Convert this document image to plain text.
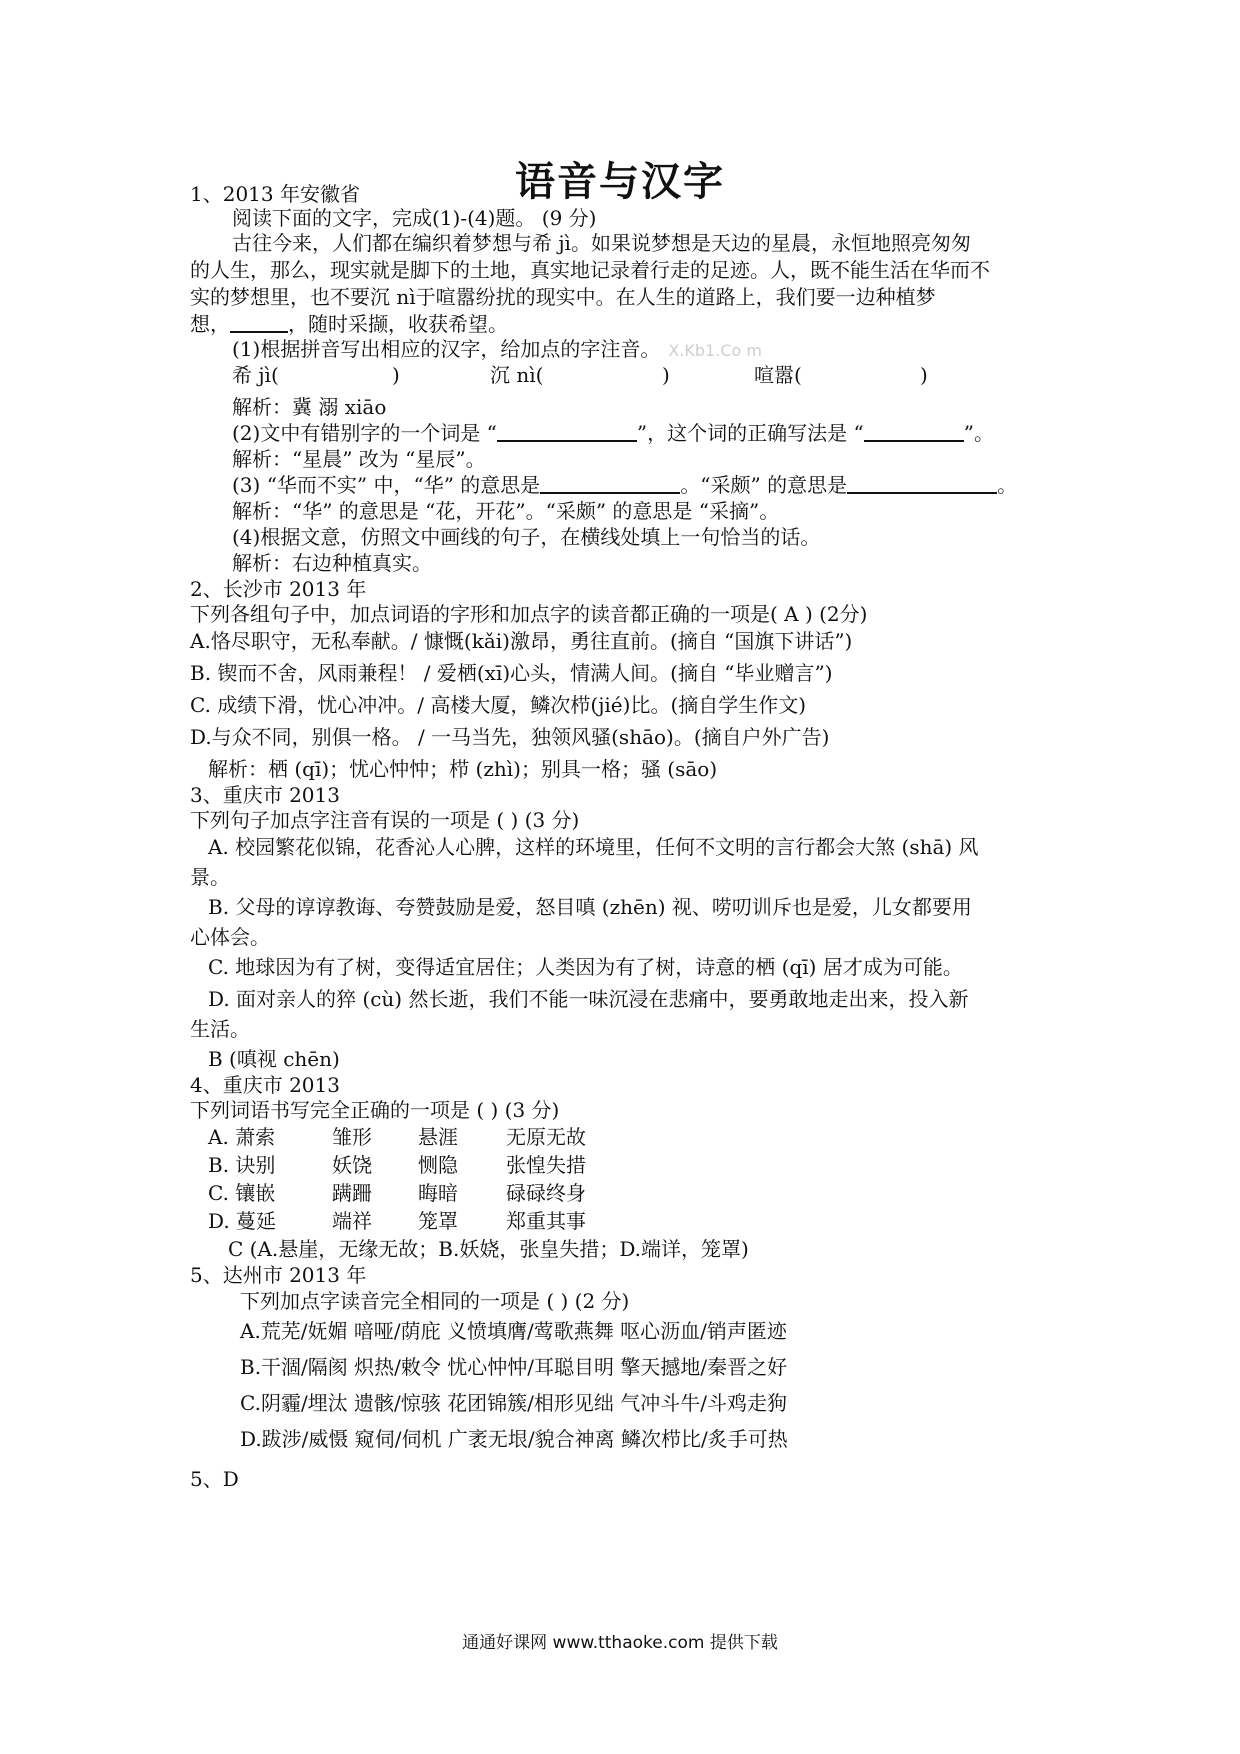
语音与汉字
1、2013 年安徽省
阅读下面的文字，完成(1)-(4)题。 (9 分)
古往今来，人们都在编织着梦想与希 jì。如果说梦想是天边的星晨，永恒地照亮匆匆
的人生，那么，现实就是脚下的土地，真实地记录着行走的足迹。人，既不能生活在华而不
实的梦想里，也不要沉 nì于喧嚣纷扰的现实中。在人生的道路上，我们要一边种植梦
想，	，随时采撷，收获希望。
(1)根据拼音写出相应的汉字，给加点的字注音。 X.Kb1.Co m
希 jì(	)	沉 nì(	)	喧嚣(	)
解析：冀 溺 xiāo
(2)文中有错别字的一个词是 “	”，这个词的正确写法是 “	”。
解析：“星晨” 改为 “星辰”。
(3) “华而不实” 中，“华” 的意思是	。“采颇” 的意思是	。
解析：“华” 的意思是 “花，开花”。“采颇” 的意思是 “采摘”。
(4)根据文意，仿照文中画线的句子，在横线处填上一句恰当的话。
解析：右边种植真实。
2、长沙市 2013 年
下列各组句子中，加点词语的字形和加点字的读音都正确的一项是( A ) (2分)
A.恪尽职守，无私奉献。/ 慷慨(kǎi)激昂，勇往直前。(摘自 “国旗下讲话”)
B. 锲而不舍，风雨兼程！ / 爱栖(xī)心头，情满人间。(摘自 “毕业赠言”)
C. 成绩下滑，忧心冲冲。/ 高楼大厦，鳞次栉(jié)比。(摘自学生作文)
D.与众不同，别俱一格。 / 一马当先，独领风骚(shāo)。(摘自户外广告)
解析：栖 (qī)；忧心忡忡；栉 (zhì)；别具一格；骚 (sāo)
3、重庆市 2013
下列句子加点字注音有误的一项是 ( ) (3 分)
A. 校园繁花似锦，花香沁人心脾，这样的环境里，任何不文明的言行都会大煞 (shā) 风
景。
B. 父母的谆谆教诲、夸赞鼓励是爱，怒目嗔 (zhēn) 视、唠叨训斥也是爱，儿女都要用
心体会。
C. 地球因为有了树，变得适宜居住；人类因为有了树，诗意的栖 (qī) 居才成为可能。
D. 面对亲人的猝 (cù) 然长逝，我们不能一味沉浸在悲痛中，要勇敢地走出来，投入新
生活。
B (嗔视 chēn)
4、重庆市 2013
下列词语书写完全正确的一项是 ( ) (3 分)
A. 萧索	雏形 悬涯 无原无故
B. 诀别	妖饶 恻隐 张惶失措
C. 镶嵌	蹒跚 晦暗 碌碌终身
D. 蔓延	端祥 笼罩 郑重其事
C (A.悬崖，无缘无故；B.妖娆，张皇失措；D.端详，笼罩)
5、达州市 2013 年
下列加点字读音完全相同的一项是 ( ) (2 分)
A.荒芜/妩媚 喑哑/荫庇 义愤填膺/莺歌燕舞 呕心沥血/销声匿迹
B.干涸/隔阂 炽热/敕令 忧心忡忡/耳聪目明 擎天撼地/秦晋之好
C.阴霾/埋汰 遗骸/惊骇 花团锦簇/相形见绌 气冲斗牛/斗鸡走狗
D.跋涉/威慑 窥伺/伺机 广袤无垠/貌合神离 鳞次栉比/炙手可热
5、D
通通好课网 www.tthaoke.com 提供下载
